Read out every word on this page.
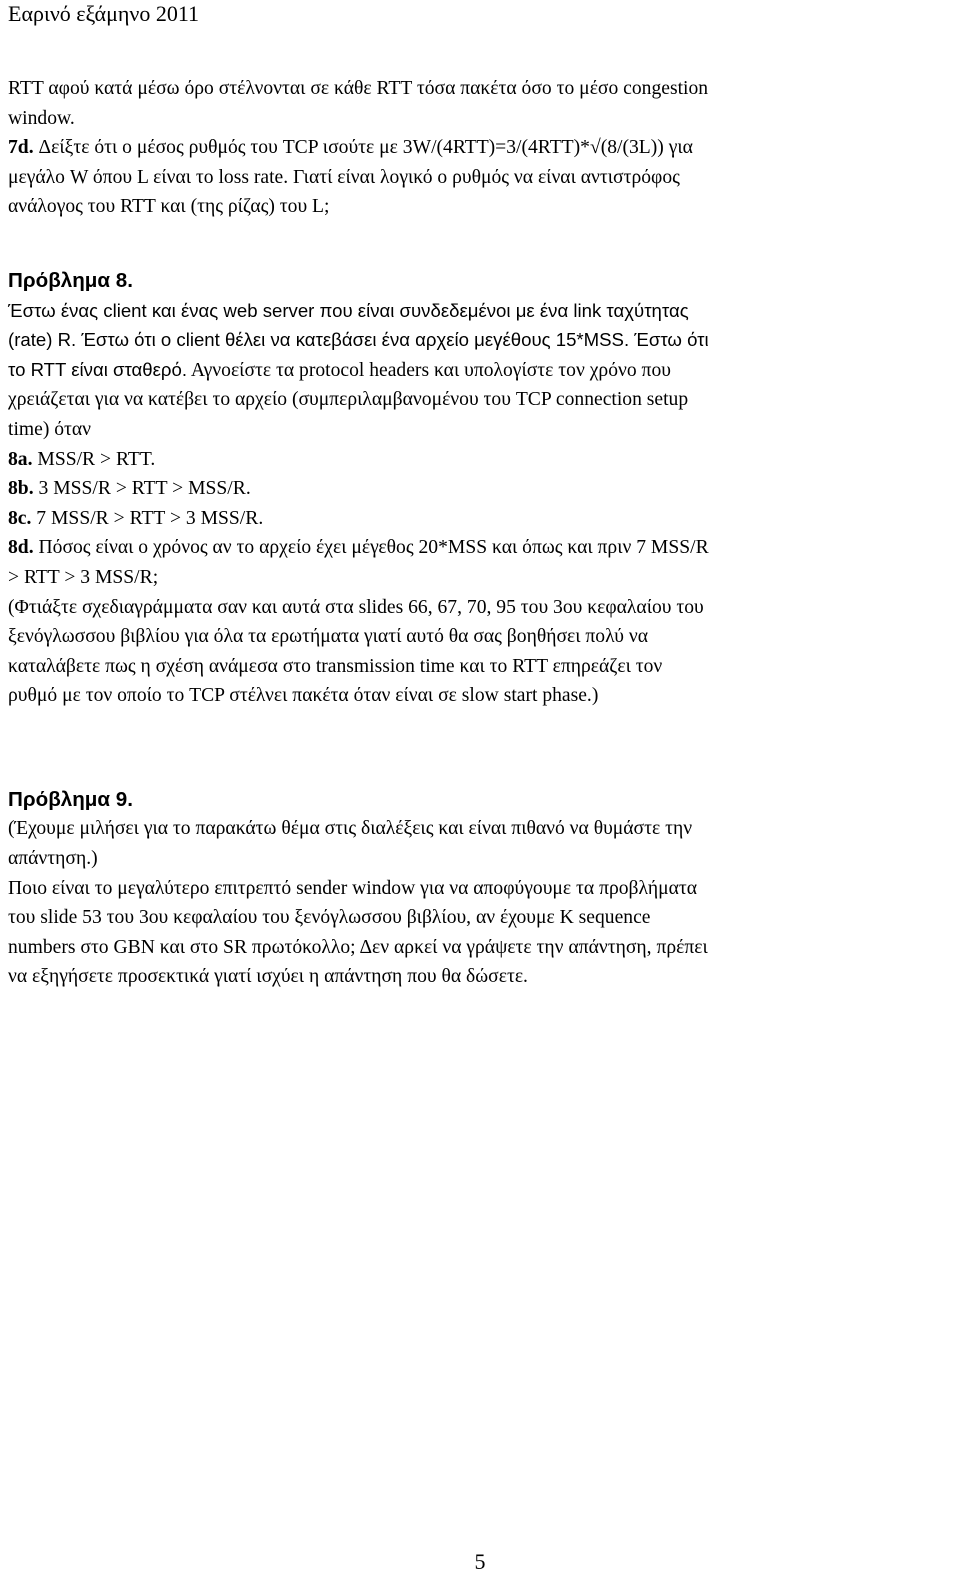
Εαρινό εξάμηνο 2011

RTT αφού κατά μέσω όρο στέλνονται σε κάθε RTT τόσα πακέτα όσο το μέσο congestion

window.

7d. Δείξτε ότι ο μέσος ρυθμός του TCP ισούτε με 3W/(4RTT)=3/(4RTT)*√(8/(3L)) για

μεγάλο W όπου L είναι το loss rate. Γιατί είναι λογικό ο ρυθμός να είναι αντιστρόφος

ανάλογος του RTT και (της ρίζας) του L;

Πρόβλημα 8.

Έστω ένας client και ένας web server που είναι συνδεδεμένοι με ένα link ταχύτητας

(rate) R. Έστω ότι ο client θέλει να κατεβάσει ένα αρχείο μεγέθους 15*MSS. Έστω ότι

το RTT είναι σταθερό. Αγνοείστε τα protocol headers και υπολογίστε τον χρόνο που

χρειάζεται για να κατέβει το αρχείο (συμπεριλαμβανομένου του TCP connection setup

time) όταν

8a. MSS/R > RTT.

8b. 3 MSS/R > RTT > MSS/R.

8c. 7 MSS/R > RTT > 3 MSS/R.

8d. Πόσος είναι ο χρόνος αν το αρχείο έχει μέγεθος 20*MSS και όπως και πριν 7 MSS/R

> RTT > 3 MSS/R;

(Φτιάξτε σχεδιαγράμματα σαν και αυτά στα slides 66, 67, 70, 95 του 3ου κεφαλαίου του

ξενόγλωσσου βιβλίου για όλα τα ερωτήματα γιατί αυτό θα σας βοηθήσει πολύ να

καταλάβετε πως η σχέση ανάμεσα στο transmission time και το RTT επηρεάζει τον

ρυθμό με τον οποίο το TCP στέλνει πακέτα όταν είναι σε slow start phase.)

Πρόβλημα 9.

(Έχουμε μιλήσει για το παρακάτω θέμα στις διαλέξεις και είναι πιθανό να θυμάστε την

απάντηση.)

Ποιο είναι το μεγαλύτερο επιτρεπτό sender window για να αποφύγουμε τα προβλήματα

του slide 53 του 3ου κεφαλαίου του ξενόγλωσσου βιβλίου, αν έχουμε K sequence

numbers στο GBN και στο SR πρωτόκολλο; Δεν αρκεί να γράψετε την απάντηση, πρέπει

να εξηγήσετε προσεκτικά γιατί ισχύει η απάντηση που θα δώσετε.

5
